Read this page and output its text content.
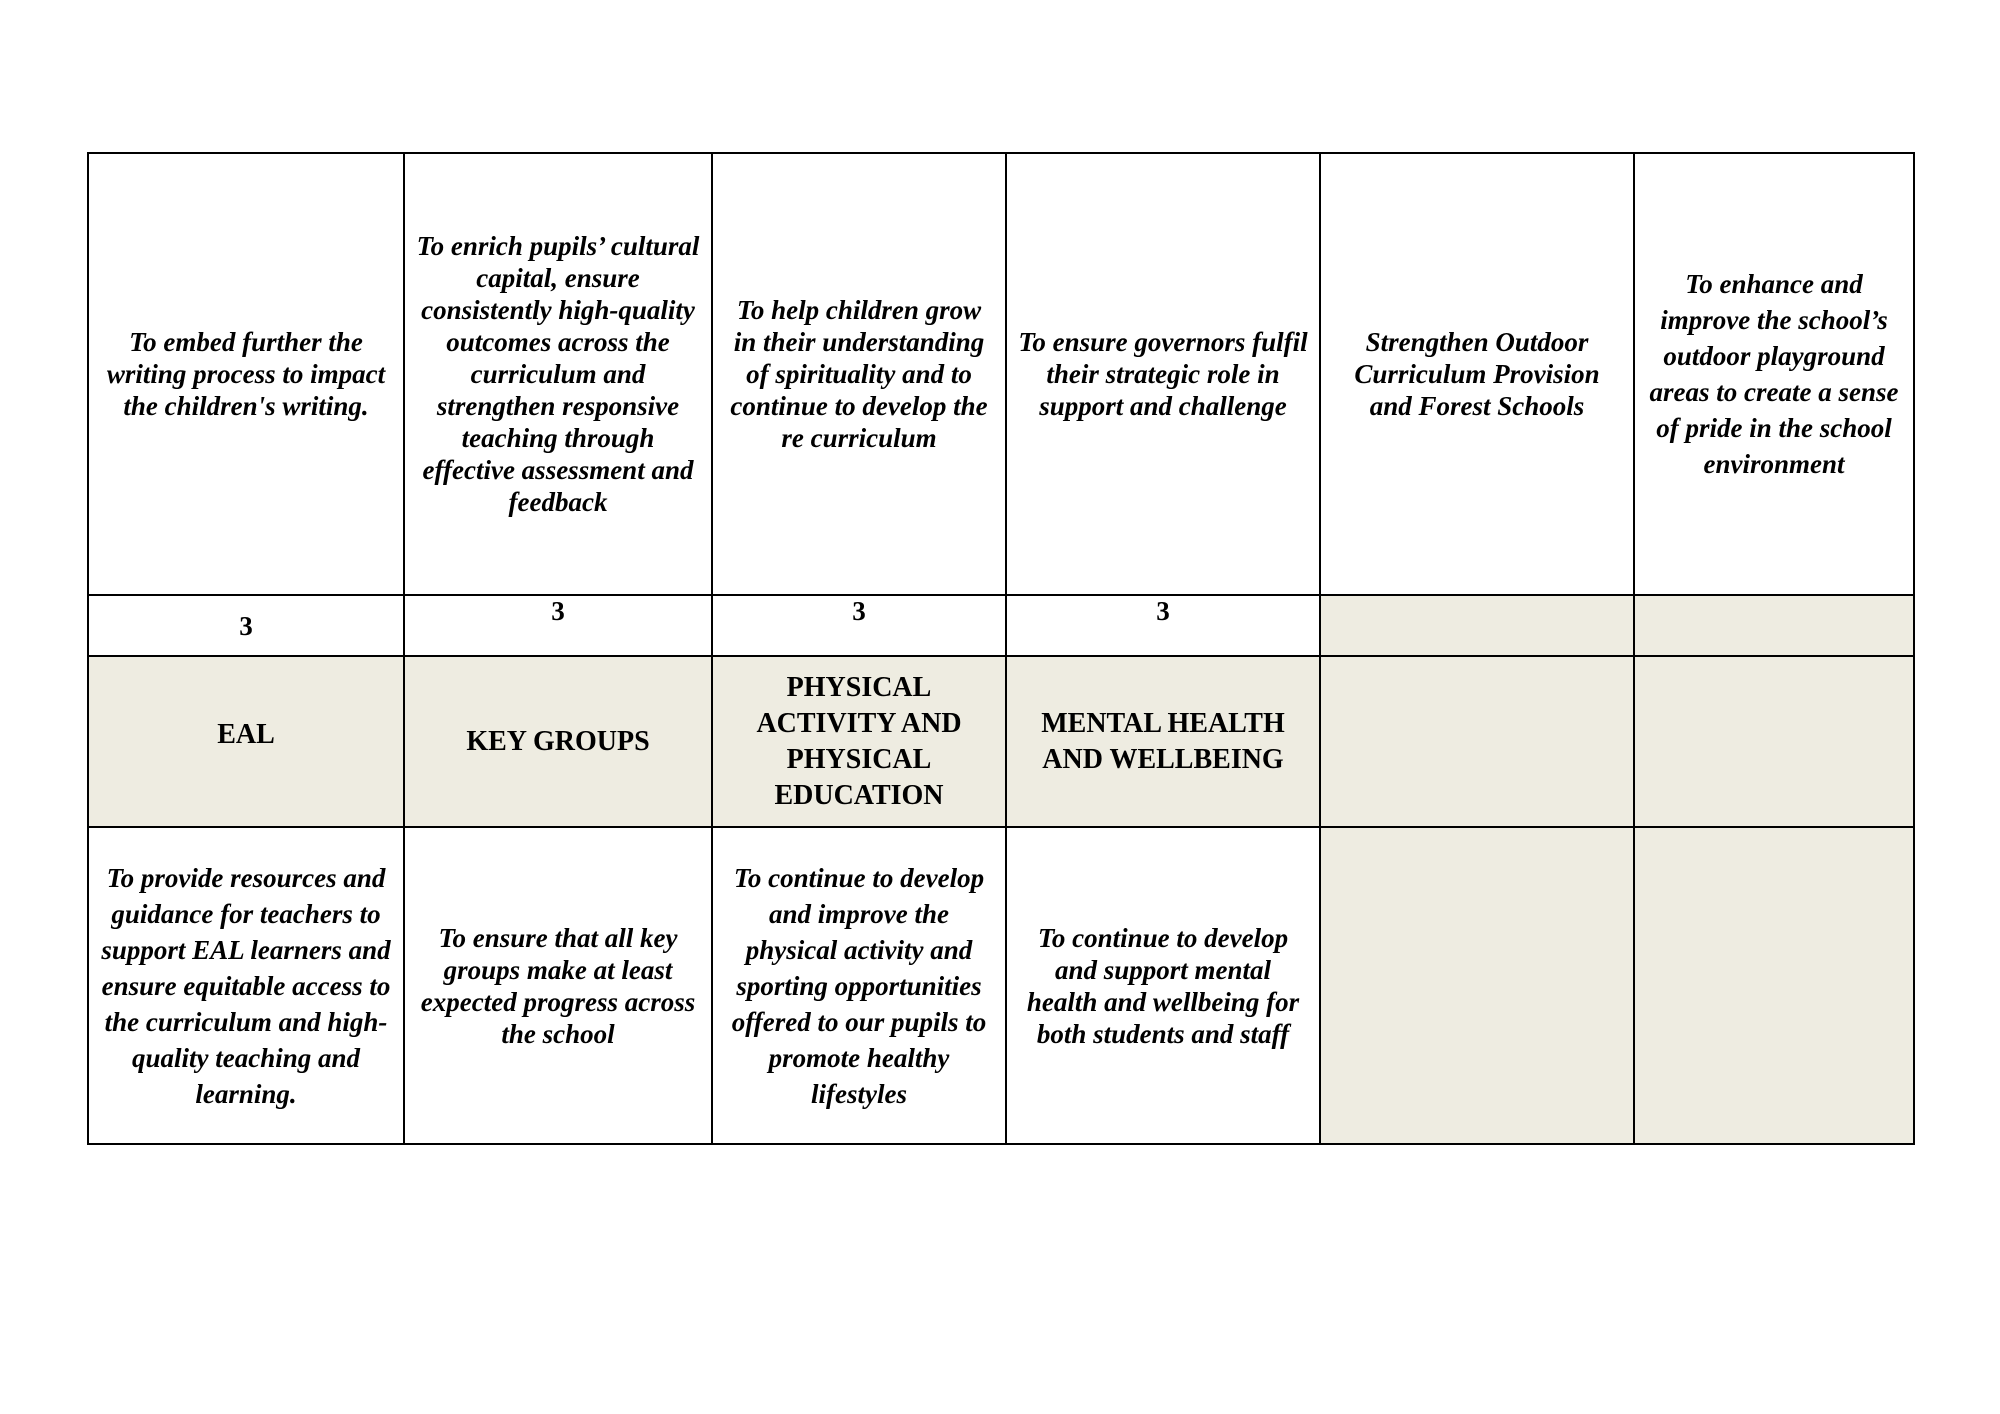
To embed further the writing process to impact the children's writing.	To enrich pupils’ cultural capital, ensure consistently high-quality outcomes across the curriculum and strengthen responsive teaching through effective assessment and feedback	To help children grow in their understanding of spirituality and to continue to develop the re curriculum	To ensure governors fulfil their strategic role in support and challenge	Strengthen Outdoor Curriculum Provision and Forest Schools	To enhance and improve the school’s outdoor playground areas to create a sense of pride in the school environment
3	3	3	3		
EAL	KEY GROUPS	PHYSICAL ACTIVITY AND PHYSICAL EDUCATION	MENTAL HEALTH AND WELLBEING		
To provide resources and guidance for teachers to support EAL learners and ensure equitable access to the curriculum and high-quality teaching and learning.	To ensure that all key groups make at least expected progress across the school	To continue to develop and improve the physical activity and sporting opportunities offered to our pupils to promote healthy lifestyles	To continue to develop and support mental health and wellbeing for both students and staff		
